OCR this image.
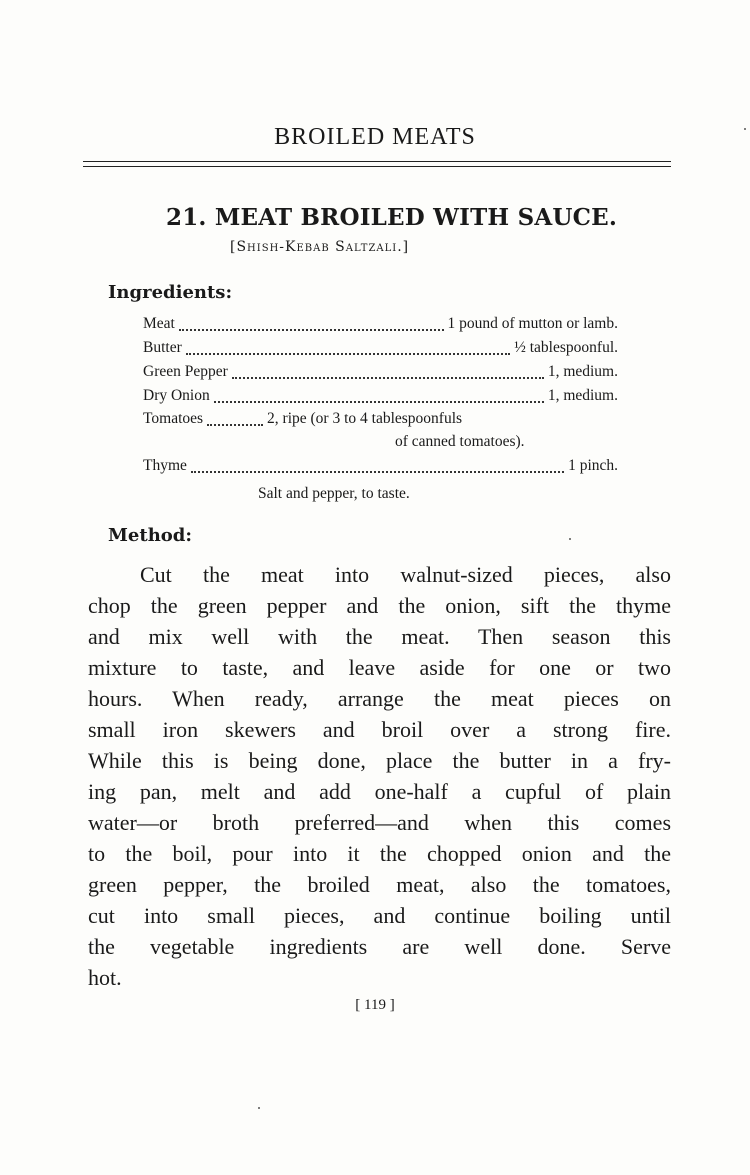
BROILED MEATS
21. MEAT BROILED WITH SAUCE.
[Shish-Kebab Saltzali.]
Ingredients:
Meat	1 pound of mutton or lamb.
Butter	½ tablespoonful.
Green Pepper	1, medium.
Dry Onion	1, medium.
Tomatoes	2, ripe (or 3 to 4 tablespoonfuls
of canned tomatoes).
Thyme	1 pinch.
Salt and pepper, to taste.
Method:
Cut the meat into walnut-sized pieces, also
chop the green pepper and the onion, sift the thyme
and mix well with the meat. Then season this
mixture to taste, and leave aside for one or two
hours. When ready, arrange the meat pieces on
small iron skewers and broil over a strong fire.
While this is being done, place the butter in a fry-
ing pan, melt and add one-half a cupful of plain
water—or broth preferred—and when this comes
to the boil, pour into it the chopped onion and the
green pepper, the broiled meat, also the tomatoes,
cut into small pieces, and continue boiling until
the vegetable ingredients are well done. Serve
hot.
[ 119 ]
